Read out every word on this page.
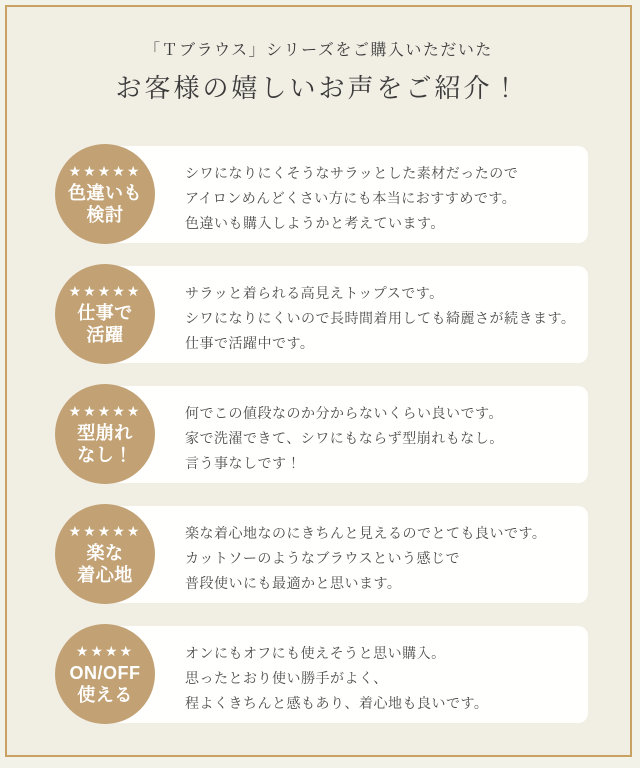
「Ｔブラウス」シリーズをご購入いただいた
お客様の嬉しいお声をご紹介！
★★★★★
色違いも
検討

シワになりにくそうなサラッとした素材だったので

アイロンめんどくさい方にも本当におすすめです。

色違いも購入しようかと考えています。

★★★★★
仕事で
活躍

サラッと着られる高見えトップスです。

シワになりにくいので長時間着用しても綺麗さが続きます。

仕事で活躍中です。

★★★★★
型崩れ
なし！

何でこの値段なのか分からないくらい良いです。

家で洗濯できて、シワにもならず型崩れもなし。

言う事なしです！

★★★★★
楽な
着心地

楽な着心地なのにきちんと見えるのでとても良いです。

カットソーのようなブラウスという感じで

普段使いにも最適かと思います。

★★★★
ON/OFF
使える

オンにもオフにも使えそうと思い購入。

思ったとおり使い勝手がよく、

程よくきちんと感もあり、着心地も良いです。
